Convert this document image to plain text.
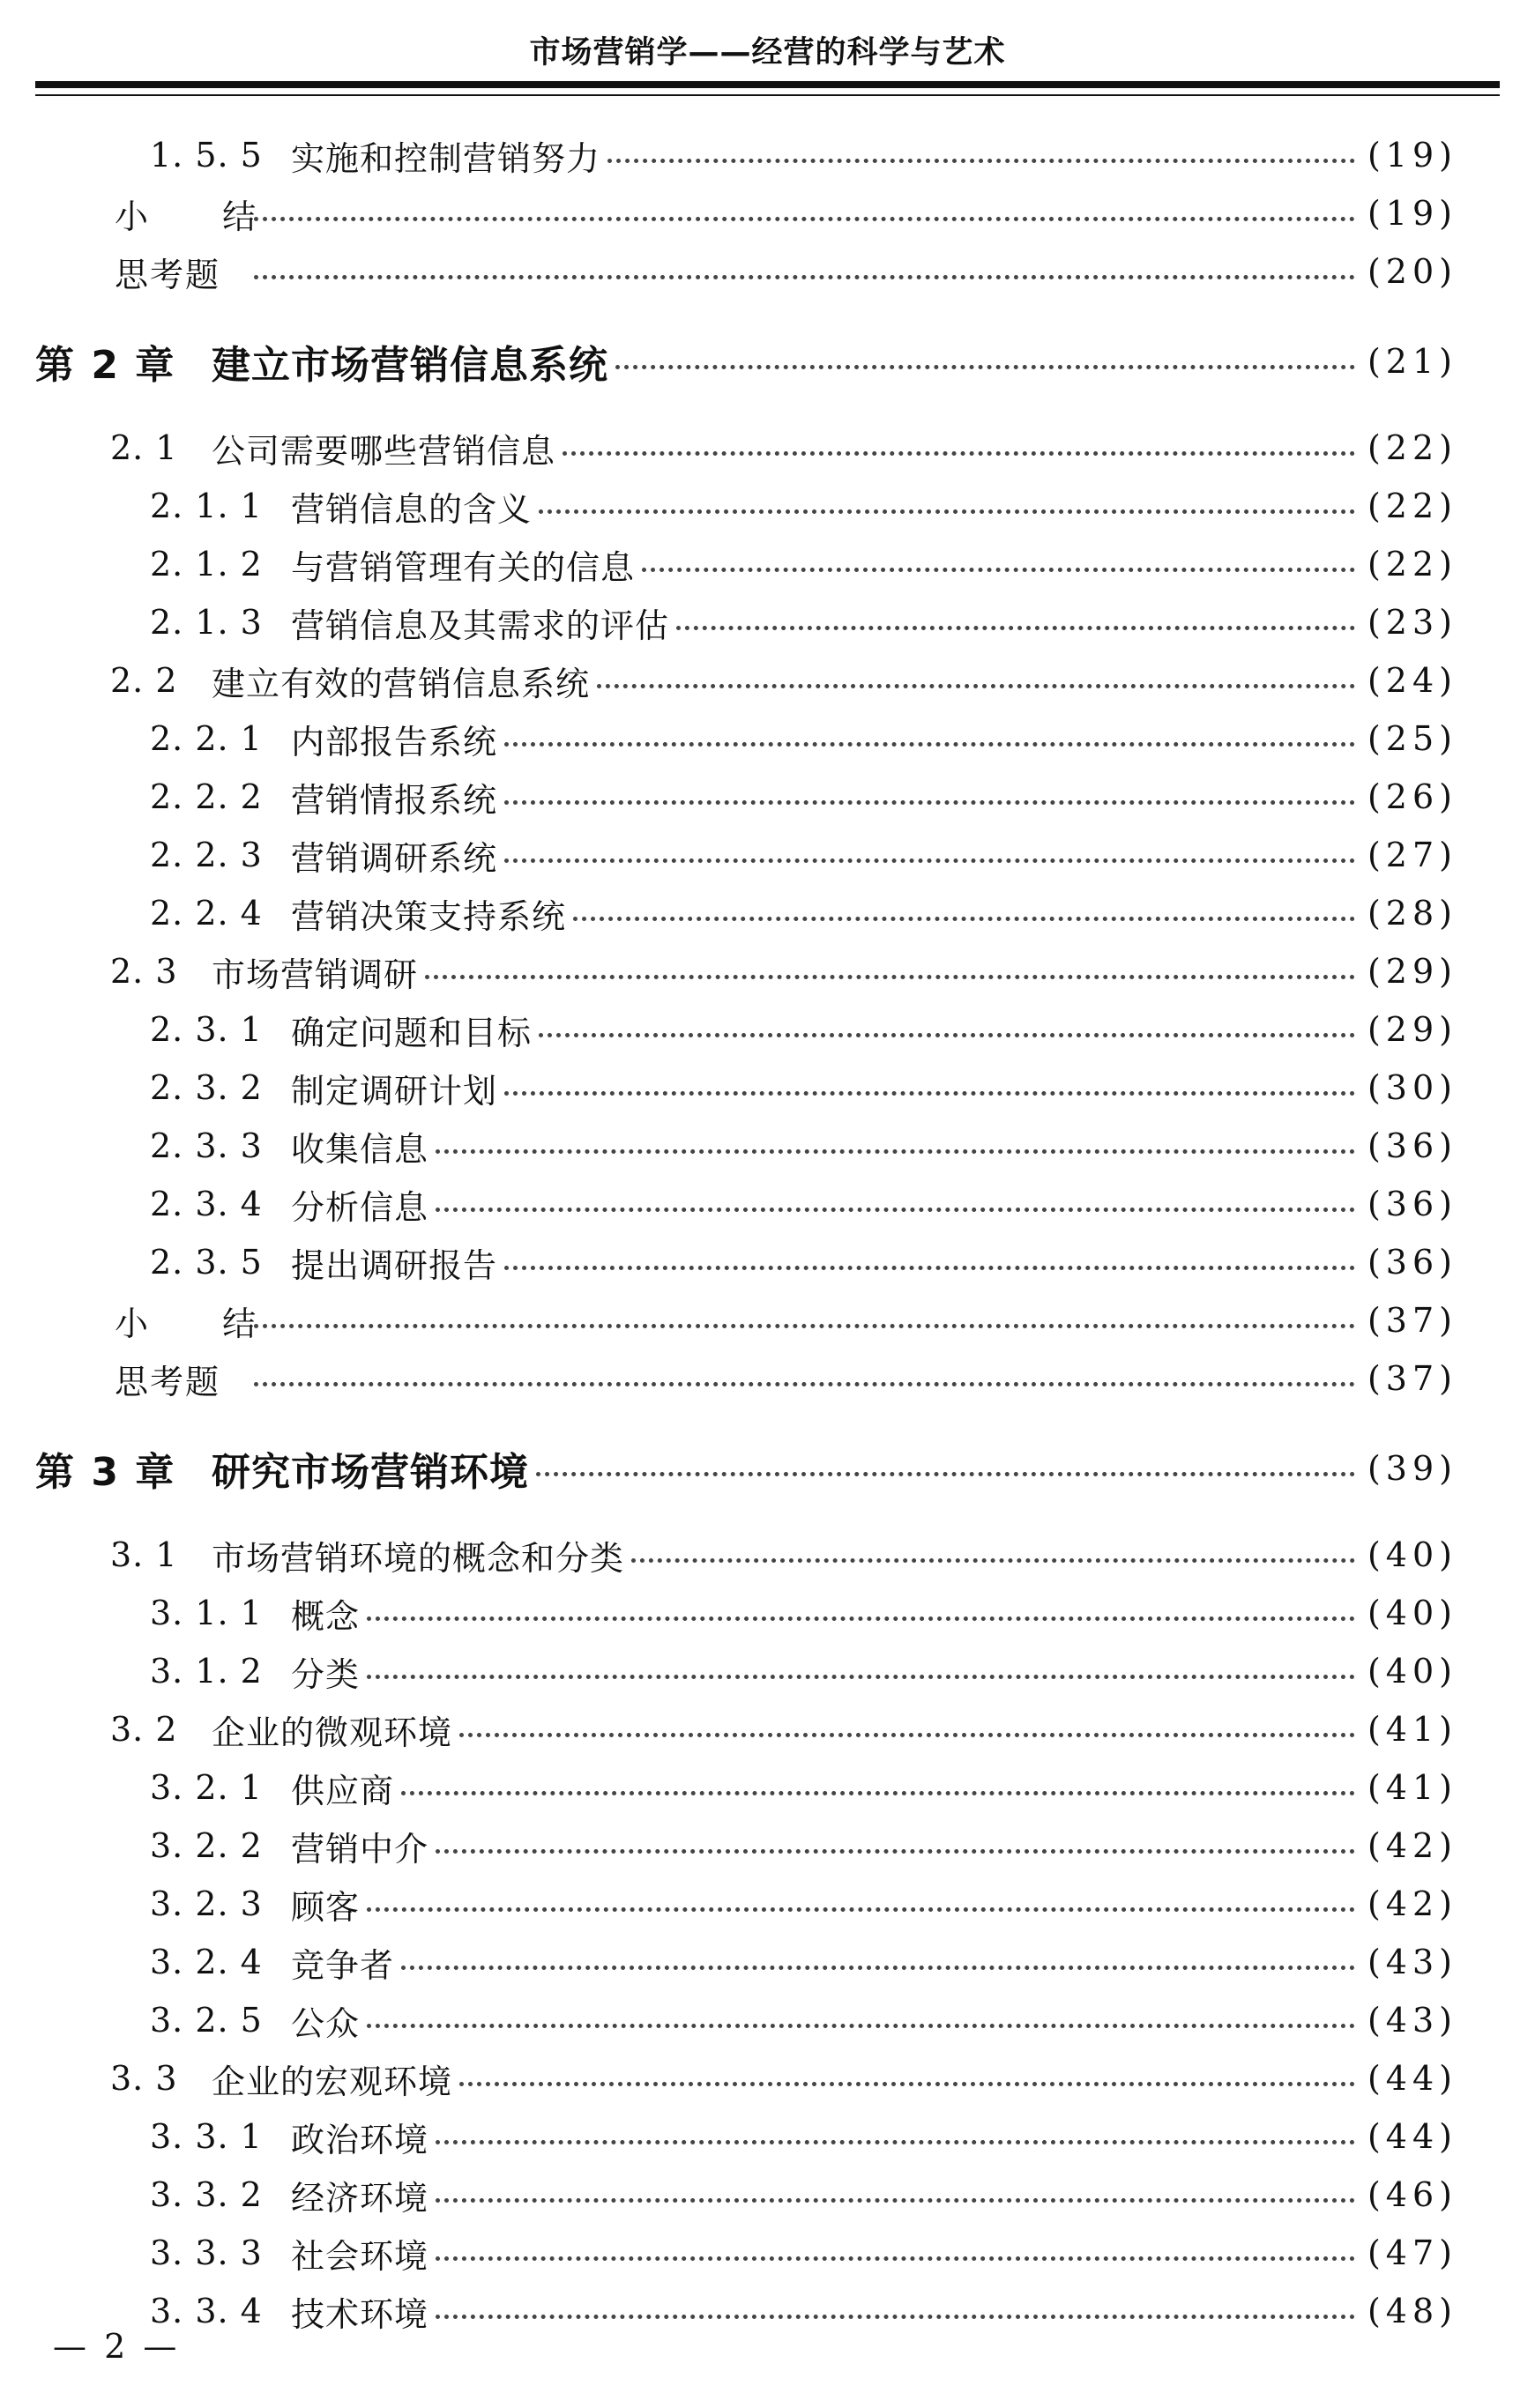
市场营销学——经营的科学与艺术
1. 5. 5 实施和控制营销努力	(19)
小 结	(19)
思考题	(20)
第 2 章 建立市场营销信息系统	(21)
2. 1	公司需要哪些营销信息	(22)
2. 1. 1 营销信息的含义	(22)
2. 1. 2 与营销管理有关的信息	(22)
2. 1. 3 营销信息及其需求的评估	(23)
2. 2	建立有效的营销信息系统	(24)
2. 2. 1 内部报告系统	(25)
2. 2. 2 营销情报系统	(26)
2. 2. 3 营销调研系统	(27)
2. 2. 4 营销决策支持系统	(28)
2. 3	市场营销调研	(29)
2. 3. 1 确定问题和目标	(29)
2. 3. 2 制定调研计划	(30)
2. 3. 3 收集信息	(36)
2. 3. 4 分析信息	(36)
2. 3. 5 提出调研报告	(36)
小 结	(37)
思考题	(37)
第 3 章 研究市场营销环境	(39)
3. 1	市场营销环境的概念和分类	(40)
3. 1. 1 概念	(40)
3. 1. 2 分类	(40)
3. 2	企业的微观环境	(41)
3. 2. 1 供应商	(41)
3. 2. 2 营销中介	(42)
3. 2. 3 顾客	(42)
3. 2. 4 竞争者	(43)
3. 2. 5 公众	(43)
3. 3	企业的宏观环境	(44)
3. 3. 1 政治环境	(44)
3. 3. 2 经济环境	(46)
3. 3. 3 社会环境	(47)
3. 3. 4 技术环境	(48)
— 2 —
